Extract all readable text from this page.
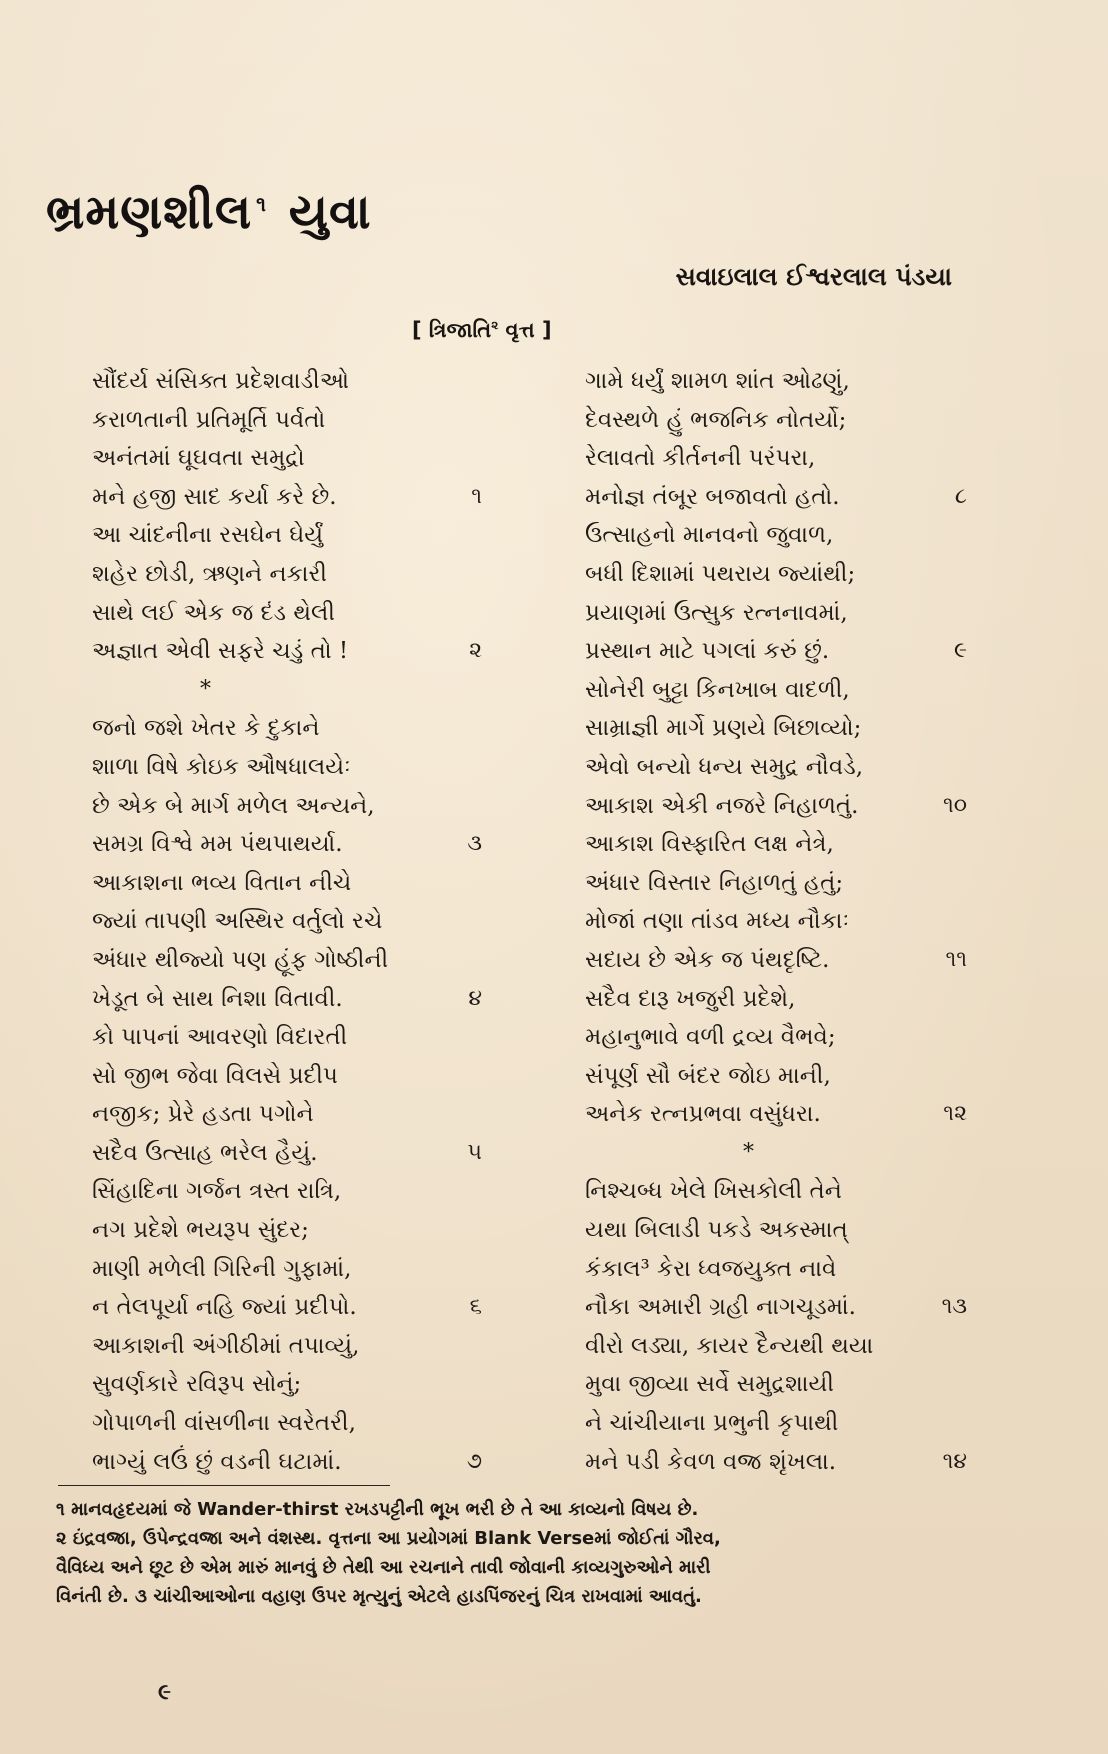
ભ્રમણશીલ $^૧$ યુવા
સવાઇલાલ ઈશ્વરલાલ પંડયા
[ ત્રિજાતિ$^૨$ વૃત્ત ]
સૌંદર્ય સંસિક્ત પ્રદેશવાડીઓ
કરાળતાની પ્રતિમૂર્તિ પર્વતો
અનંતમાં ઘૂઘવતા સમુદ્રો
મને હજી સાદ કર્યા કરે છે.	૧
આ ચાંદનીના રસઘેન ઘેર્યું
શહેર છોડી, ઋણને નકારી
સાથે લઈ એક જ દંડ થેલી
અજ્ઞાત એવી સફરે ચડું તો !	૨
*
જનો જશે ખેતર કે દુકાને
શાળા વિષે કોઇક ઔષધાલયેઃ
છે એક બે માર્ગ મળેલ અન્યને,
સમગ્ર વિશ્વે મમ પંથપાથર્યા.	૩
આકાશના ભવ્ય વિતાન નીચે
જ્યાં તાપણી અસ્થિર વર્તુલો રચે
અંધાર થીજ્યો પણ હૂંફ ગોષ્ઠીની
ખેડૂત બે સાથ નિશા વિતાવી.	૪
કો પાપનાં આવરણો વિદારતી
સો જીભ જેવા વિલસે પ્રદીપ
નજીક; પ્રેરે હડતા પગોને
સદૈવ ઉત્સાહ ભરેલ હૈયું.	૫
સિંહાદિના ગર્જન ત્રસ્ત રાત્રિ,
નગ પ્રદેશે ભયરૂપ સુંદર;
માણી મળેલી ગિરિની ગુફામાં,
ન તેલપૂર્યા નહિ જ્યાં પ્રદીપો.	૬
આકાશની અંગીઠીમાં તપાવ્યું,
સુવર્ણકારે રવિરૂપ સોનું;
ગોપાળની વાંસળીના સ્વરેતરી,
ભાગ્યું લઉં છું વડની ઘટામાં.	૭
ગામે ધર્યું શામળ શાંત ઓઢણું,
દેવસ્થળે હું ભજનિક નોતર્યો;
રેલાવતો કીર્તનની પરંપરા,
મનોજ્ઞ તંબૂર બજાવતો હતો.	૮
ઉત્સાહનો માનવનો જુવાળ,
બધી દિશામાં પથરાય જ્યાંથી;
પ્રયાણમાં ઉત્સુક રત્નનાવમાં,
પ્રસ્થાન માટે પગલાં કરું છું.	૯
સોનેરી બુટ્ટા કિનખાબ વાદળી,
સામ્રાજ્ઞી માર્ગે પ્રણયે બિછાવ્યો;
એવો બન્યો ધન્ય સમુદ્ર નૌવડે,
આકાશ એકી નજરે નિહાળતું.	૧૦
આકાશ વિસ્ફારિત લક્ષ નેત્રે,
અંધાર વિસ્તાર નિહાળતું હતું;
મોજાં તણા તાંડવ મધ્ય નૌકાઃ
સદાય છે એક જ પંથદૃષ્ટિ.	૧૧
સદૈવ દારૂ ખજુરી પ્રદેશે,
મહાનુભાવે વળી દ્રવ્ય વૈભવે;
સંપૂર્ણ સૌ બંદર જોઇ માની,
અનેક રત્નપ્રભવા વસુંધરા.	૧૨
*
નિશ્ચબ્ધ ખેલે ખિસકોલી તેને
યથા બિલાડી પકડે અકસ્માત્
કંકાલ³ કેરા ધ્વજયુક્ત નાવે
નૌકા અમારી ગ્રહી નાગચૂડમાં.	૧૩
વીરો લડ્યા, કાયર દૈન્યથી થયા
મુવા જીવ્યા સર્વે સમુદ્રશાયી
ને ચાંચીયાના પ્રભુની કૃપાથી
મને પડી કેવળ વજ્ર શૃંખલા.	૧૪
૧ માનવહૃદયમાં જે Wander-thirst રખડપટ્ટીની ભૂખ ભરી છે તે આ કાવ્યનો વિષય છે.
૨ ઇંદ્રવજ્રા, ઉપેન્દ્રવજ્રા અને વંશસ્થ. વૃત્તના આ પ્રયોગમાં Blank Verseમાં જોઈતાં ગૌરવ,
વૈવિધ્ય અને છૂટ છે એમ મારું માનવું છે તેથી આ રચનાને તાવી જોવાની કાવ્યગુરુઓને મારી
વિનંતી છે. ૩ ચાંચીઆઓના વહાણ ઉપર મૃત્યુનું એટલે હાડપિંજરનું ચિત્ર રાખવામાં આવતું.
૯
